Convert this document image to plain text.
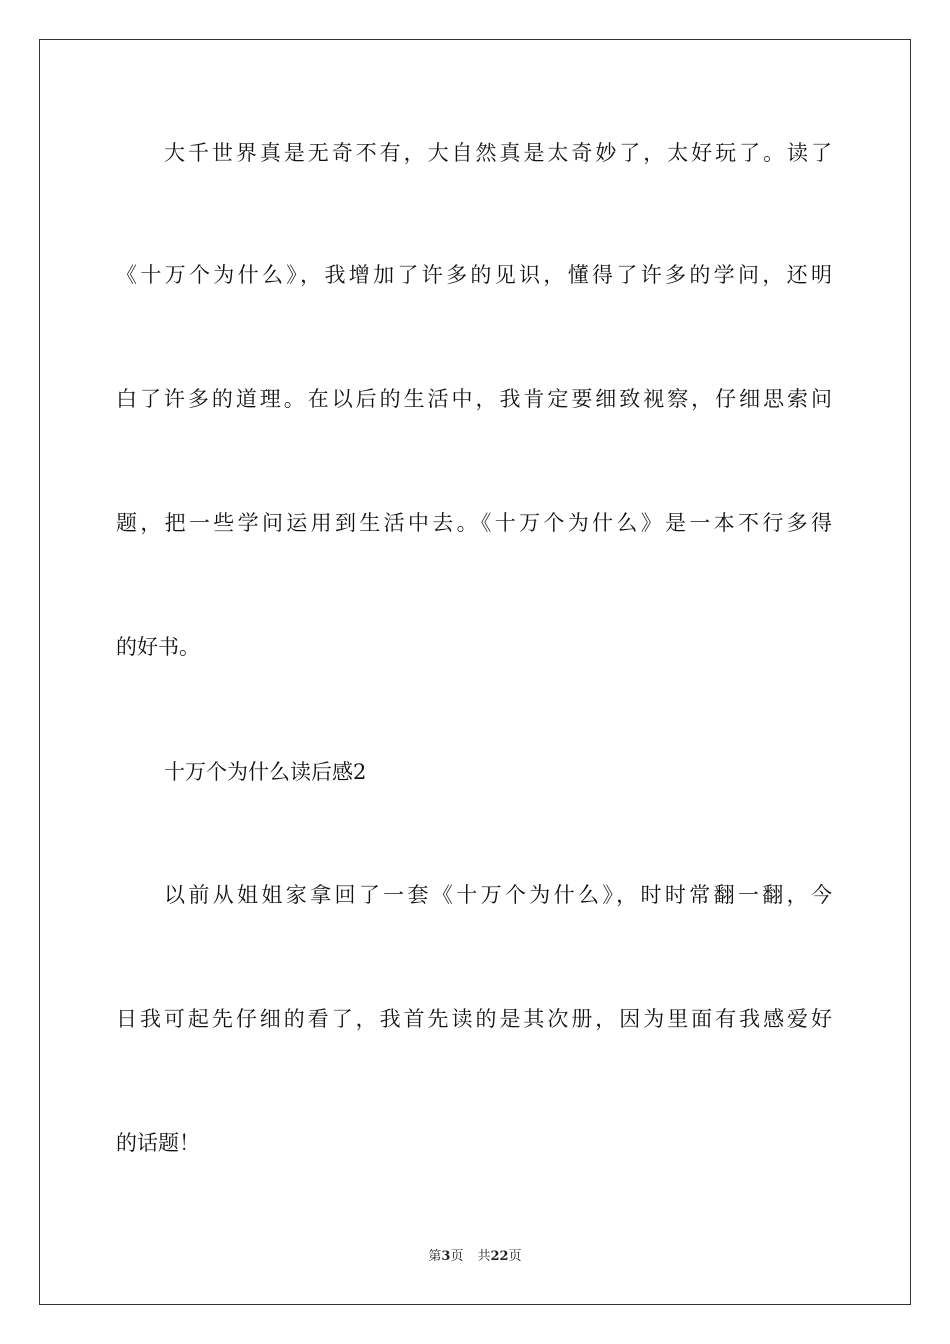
大千世界真是无奇不有，大自然真是太奇妙了，太好玩了。读了
《十万个为什么》，我增加了许多的见识，懂得了许多的学问，还明
白了许多的道理。在以后的生活中，我肯定要细致视察，仔细思索问
题，把一些学问运用到生活中去。《十万个为什么》是一本不行多得
的好书。
十万个为什么读后感2
以前从姐姐家拿回了一套《十万个为什么》，时时常翻一翻，今
日我可起先仔细的看了，我首先读的是其次册，因为里面有我感爱好
的话题！
第3页 共22页
